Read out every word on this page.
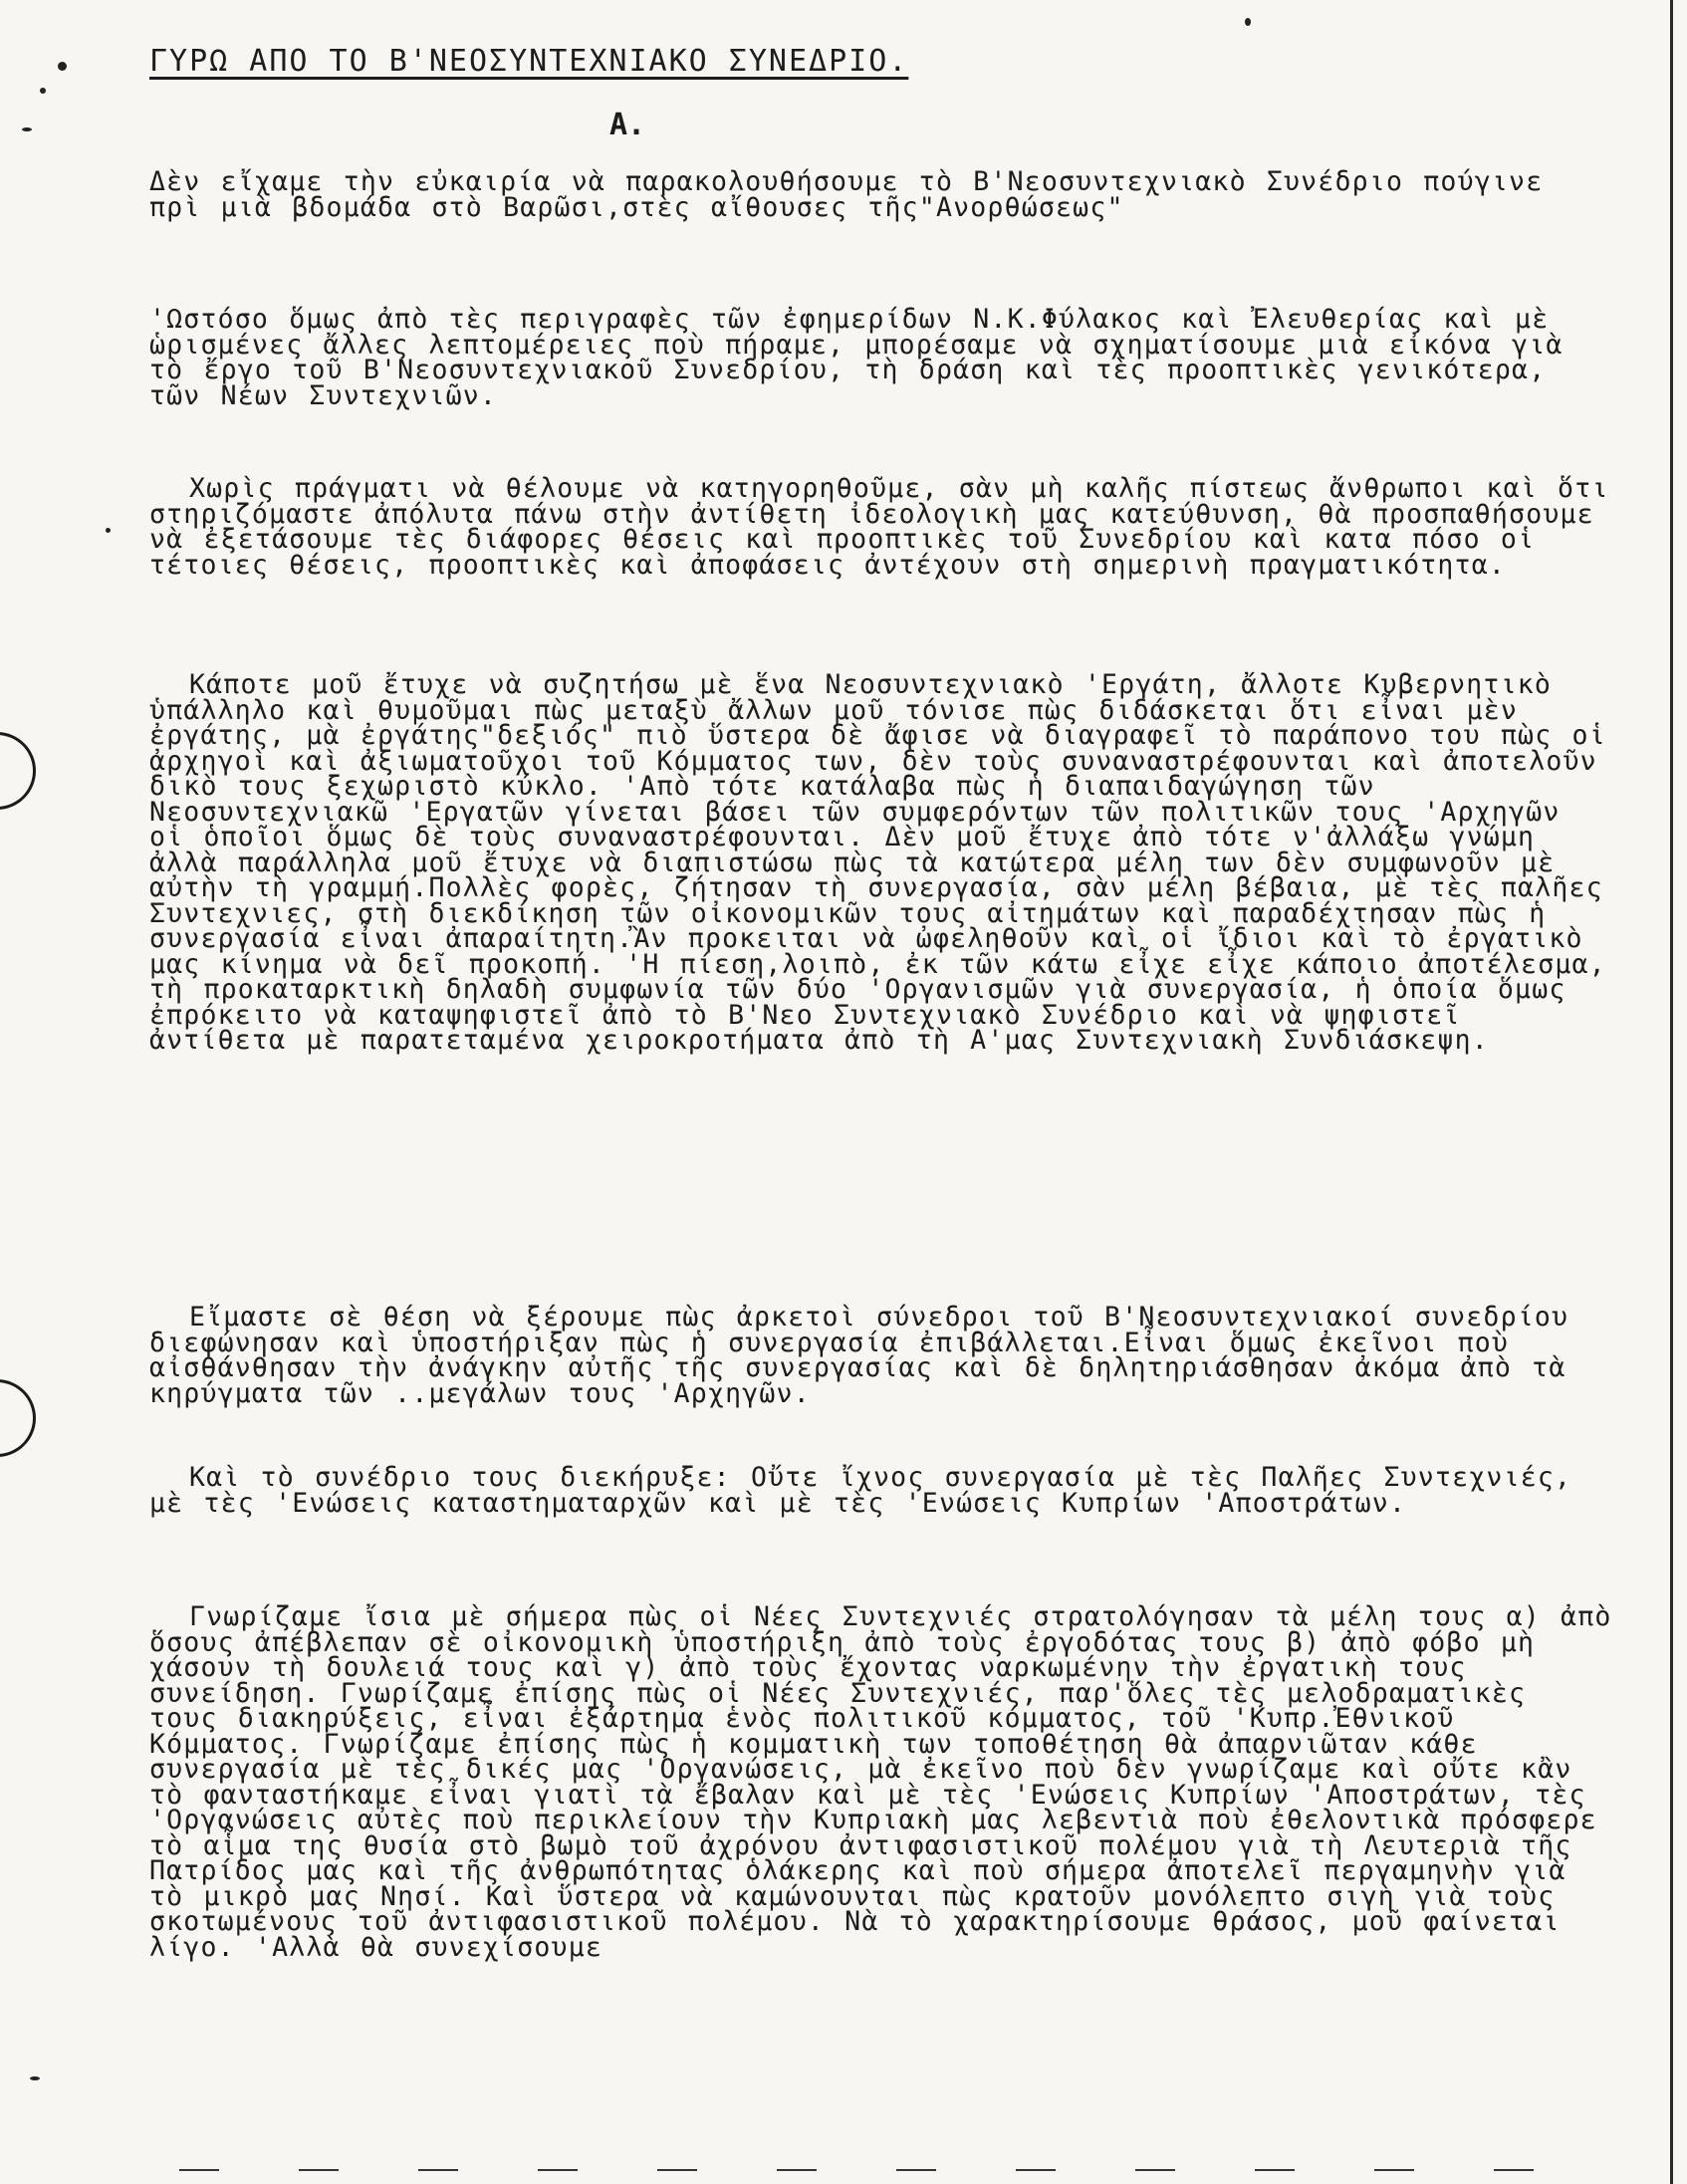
ΓΥΡΩ ΑΠΟ ΤΟ Β'ΝΕΟΣΥΝΤΕΧΝΙΑΚΟ ΣΥΝΕΔΡΙΟ.
Α.

Δὲν εἴχαμε τὴν εὐκαιρία νὰ παρακολουθήσουμε τὸ Β'Νεοσυντεχνιακὸ Συνέδριο πούγινε πρὶ μιὰ βδομάδα στὸ Βαρῶσι,στὲς αἴθουσες τῆς"Ανορθώσεως"

'Ωστόσο ὅμως ἀπὸ τὲς περιγραφὲς τῶν ἐφημερίδων Ν.Κ.Φύλακος καὶ Ἐλευθερίας καὶ μὲ ὡρισμένες ἄλλες λεπτομέρειες ποὺ πήραμε, μπορέσαμε νὰ σχηματίσουμε μιὰ εἰκόνα γιὰ τὸ ἔργο τοῦ Β'Νεοσυντεχνιακοῦ Συνεδρίου, τὴ δράση καὶ τὲς προοπτικὲς γενικότερα, τῶν Νέων Συντεχνιῶν.

Χωρὶς πράγματι νὰ θέλουμε νὰ κατηγορηθοῦμε, σὰν μὴ καλῆς πίστεως ἄνθρωποι καὶ ὅτι στηριζόμαστε ἀπόλυτα πάνω στὴν ἀντίθετη ἰδεολογικὴ μας κατεύθυνση, θὰ προσπαθήσουμε νὰ ἐξετάσουμε τὲς διάφορες θέσεις καὶ προοπτικὲς τοῦ Συνεδρίου καὶ κατα πόσο οἱ τέτοιες θέσεις, προοπτικὲς καὶ ἀποφάσεις ἀντέχουν στὴ σημερινὴ πραγματικότητα.

Κάποτε μοῦ ἔτυχε νὰ συζητήσω μὲ ἕνα Νεοσυντεχνιακὸ 'Εργάτη, ἄλλοτε Κυβερνητικὸ ὑπάλληλο καὶ θυμοῦμαι πὼς μεταξὺ ἄλλων μοῦ τόνισε πὼς διδάσκεται ὅτι εἶναι μὲν ἐργάτης, μὰ ἐργάτης"δεξιός" πιὸ ὕστερα δὲ ἄφισε νὰ διαγραφεῖ τὸ παράπονο του πὼς οἱ ἀρχηγοὶ καὶ ἀξιωματοῦχοι τοῦ Κόμματος των, δὲν τοὺς συναναστρέφουνται καὶ ἀποτελοῦν δικὸ τους ξεχωριστὸ κύκλο. 'Απὸ τότε κατάλαβα πὼς ἡ διαπαιδαγώγηση τῶν Νεοσυντεχνιακῶ 'Εργατῶν γίνεται βάσει τῶν συμφερόντων τῶν πολιτικῶν τους 'Αρχηγῶν οἱ ὁποῖοι ὅμως δὲ τοὺς συναναστρέφουνται. Δὲν μοῦ ἔτυχε ἀπὸ τότε ν'ἀλλάξω γνώμη ἀλλὰ παράλληλα μοῦ ἔτυχε νὰ διαπιστώσω πὼς τὰ κατώτερα μέλη των δὲν συμφωνοῦν μὲ αὐτὴν τὴ γραμμή.Πολλὲς φορὲς, ζήτησαν τὴ συνεργασία, σὰν μέλη βέβαια, μὲ τὲς παλῆες Συντεχνιες, στὴ διεκδίκηση τῶν οἰκονομικῶν τους αἰτημάτων καὶ παραδέχτησαν πὼς ἡ συνεργασία εἶναι ἀπαραίτητη.Ἂν προκειται νὰ ὠφεληθοῦν καὶ οἱ ἴδιοι καὶ τὸ ἐργατικὸ μας κίνημα νὰ δεῖ προκοπή. 'Η πίεση,λοιπὸ, ἐκ τῶν κάτω εἶχε εἶχε κάποιο ἀποτέλεσμα, τὴ προκαταρκτικὴ δηλαδὴ συμφωνία τῶν δύο 'Οργανισμῶν γιὰ συνεργασία, ἡ ὁποία ὅμως ἐπρόκειτο νὰ καταψηφιστεῖ ἀπὸ τὸ Β'Νεο Συντεχνιακὸ Συνέδριο καὶ νὰ ψηφιστεῖ ἀντίθετα μὲ παρατεταμένα χειροκροτήματα ἀπὸ τὴ Α'μας Συντεχνιακὴ Συνδιάσκεψη.

Εἴμαστε σὲ θέση νὰ ξέρουμε πὼς ἀρκετοὶ σύνεδροι τοῦ Β'Νεοσυντεχνιακοί συνεδρίου διεφώνησαν καὶ ὑποστήριξαν πὼς ἡ συνεργασία ἐπιβάλλεται.Εἶναι ὅμως ἐκεῖνοι ποὺ αἰσθάνθησαν τὴν ἀνάγκην αὐτῆς τῆς συνεργασίας καὶ δὲ δηλητηριάσθησαν ἀκόμα ἀπὸ τὰ κηρύγματα τῶν ..μεγάλων τους 'Αρχηγῶν.

Καὶ τὸ συνέδριο τους διεκήρυξε: Οὔτε ἴχνος συνεργασία μὲ τὲς Παλῆες Συντεχνιές, μὲ τὲς 'Ενώσεις καταστηματαρχῶν καὶ μὲ τὲς 'Ενώσεις Κυπρίων 'Αποστράτων.

Γνωρίζαμε ἴσια μὲ σήμερα πὼς οἱ Νέες Συντεχνιές στρατολόγησαν τὰ μέλη τους α) ἀπὸ ὅσους ἀπέβλεπαν σὲ οἰκονομικὴ ὑποστήριξη ἀπὸ τοὺς ἐργοδότας τους β) ἀπὸ φόβο μὴ χάσουν τὴ δουλειά τους καὶ γ) ἀπὸ τοὺς ἔχοντας ναρκωμένην τὴν ἐργατικὴ τους συνείδηση. Γνωρίζαμε ἐπίσης πὼς οἱ Νέες Συντεχνιές, παρ'ὅλες τὲς μελοδραματικὲς τους διακηρύξεις, εἶναι ἐξάρτημα ἑνὸς πολιτικοῦ κόμματος, τοῦ 'Κυπρ.Ἐθνικοῦ Κόμματος. Γνωρίζαμε ἐπίσης πὼς ἡ κομματικὴ των τοποθέτηση θὰ ἀπαρνιῶταν κάθε συνεργασία μὲ τὲς δικές μας 'Οργανώσεις, μὰ ἐκεῖνο ποὺ δὲν γνωρίζαμε καὶ οὔτε κἂν τὸ φανταστήκαμε εἶναι γιατὶ τὰ ἔβαλαν καὶ μὲ τὲς 'Ενώσεις Κυπρίων 'Αποστράτων, τὲς 'Οργανώσεις αὐτὲς ποὺ περικλείουν τὴν Κυπριακὴ μας λεβεντιὰ ποὺ ἐθελοντικὰ πρόσφερε τὸ αἷμα της θυσία στὸ βωμὸ τοῦ ἀχρόνου ἀντιφασιστικοῦ πολέμου γιὰ τὴ Λευτεριὰ τῆς Πατρίδος μας καὶ τῆς ἀνθρωπότητας ὁλάκερης καὶ ποὺ σήμερα ἀποτελεῖ περγαμηνὴν γιὰ τὸ μικρὸ μας Νησί. Καὶ ὕστερα νὰ καμώνουνται πὼς κρατοῦν μονόλεπτο σιγὴ γιὰ τοὺς σκοτωμένους τοῦ ἀντιφασιστικοῦ πολέμου. Νὰ τὸ χαρακτηρίσουμε θράσος, μοῦ φαίνεται λίγο. 'Αλλὰ θὰ συνεχίσουμε
